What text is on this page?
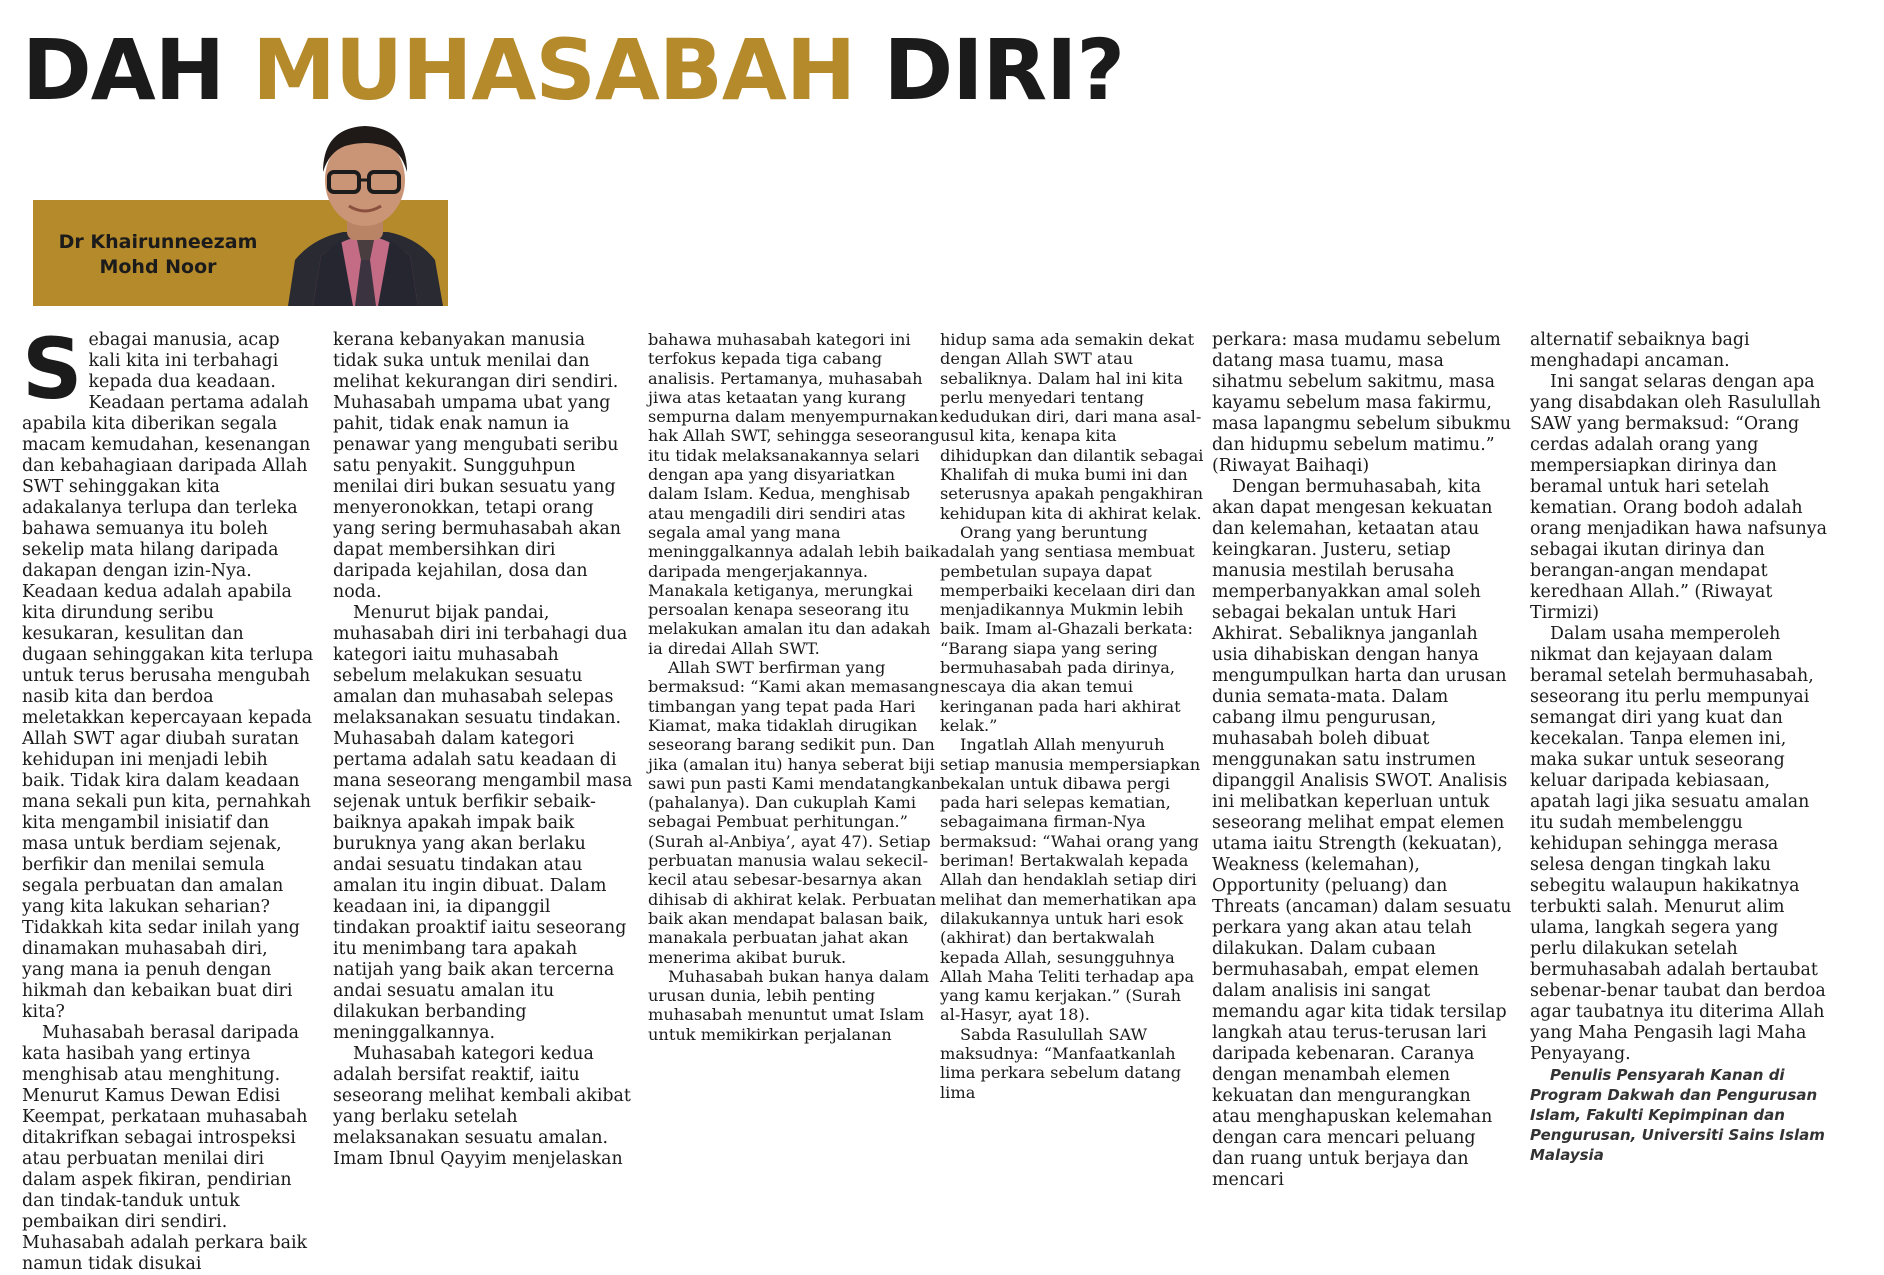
DAH MUHASABAH DIRI?
Dr Khairunneezam
Mohd Noor

Sebagai manusia, acap kali kita ini terbahagi kepada dua keadaan. Keadaan pertama adalah apabila kita diberikan segala macam kemudahan, kesenangan dan kebahagiaan daripada Allah SWT sehinggakan kita adakalanya terlupa dan terleka bahawa semuanya itu boleh sekelip mata hilang daripada dakapan dengan izin-Nya. Keadaan kedua adalah apabila kita dirundung seribu kesukaran, kesulitan dan dugaan sehinggakan kita terlupa untuk terus berusaha mengubah nasib kita dan berdoa meletakkan kepercayaan kepada Allah SWT agar diubah suratan kehidupan ini menjadi lebih baik. Tidak kira dalam keadaan mana sekali pun kita, pernahkah kita mengambil inisiatif dan masa untuk berdiam sejenak, berfikir dan menilai semula segala perbuatan dan amalan yang kita lakukan seharian? Tidakkah kita sedar inilah yang dinamakan muhasabah diri, yang mana ia penuh dengan hikmah dan kebaikan buat diri kita?

Muhasabah berasal daripada kata hasibah yang ertinya menghisab atau menghitung. Menurut Kamus Dewan Edisi Keempat, perkataan muhasabah ditakrifkan sebagai introspeksi atau perbuatan menilai diri dalam aspek fikiran, pendirian dan tindak-tanduk untuk pembaikan diri sendiri. Muhasabah adalah perkara baik namun tidak disukai

kerana kebanyakan manusia tidak suka untuk menilai dan melihat kekurangan diri sendiri. Muhasabah umpama ubat yang pahit, tidak enak namun ia penawar yang mengubati seribu satu penyakit. Sungguhpun menilai diri bukan sesuatu yang menyeronokkan, tetapi orang yang sering bermuhasabah akan dapat membersihkan diri daripada kejahilan, dosa dan noda.

Menurut bijak pandai, muhasabah diri ini terbahagi dua kategori iaitu muhasabah sebelum melakukan sesuatu amalan dan muhasabah selepas melaksanakan sesuatu tindakan. Muhasabah dalam kategori pertama adalah satu keadaan di mana seseorang mengambil masa sejenak untuk berfikir sebaik-baiknya apakah impak baik buruknya yang akan berlaku andai sesuatu tindakan atau amalan itu ingin dibuat. Dalam keadaan ini, ia dipanggil tindakan proaktif iaitu seseorang itu menimbang tara apakah natijah yang baik akan tercerna andai sesuatu amalan itu dilakukan berbanding meninggalkannya.

Muhasabah kategori kedua adalah bersifat reaktif, iaitu seseorang melihat kembali akibat yang berlaku setelah melaksanakan sesuatu amalan. Imam Ibnul Qayyim menjelaskan

bahawa muhasabah kategori ini terfokus kepada tiga cabang analisis. Pertamanya, muhasabah jiwa atas ketaatan yang kurang sempurna dalam menyempurnakan hak Allah SWT, sehingga seseorang itu tidak melaksanakannya selari dengan apa yang disyariatkan dalam Islam. Kedua, menghisab atau mengadili diri sendiri atas segala amal yang mana meninggalkannya adalah lebih baik daripada mengerjakannya. Manakala ketiganya, merungkai persoalan kenapa seseorang itu melakukan amalan itu dan adakah ia diredai Allah SWT.

Allah SWT berfirman yang bermaksud: “Kami akan memasang timbangan yang tepat pada Hari Kiamat, maka tidaklah dirugikan seseorang barang sedikit pun. Dan jika (amalan itu) hanya seberat biji sawi pun pasti Kami mendatangkan (pahalanya). Dan cukuplah Kami sebagai Pembuat perhitungan.” (Surah al-Anbiya’, ayat 47). Setiap perbuatan manusia walau sekecil-kecil atau sebesar-besarnya akan dihisab di akhirat kelak. Perbuatan baik akan mendapat balasan baik, manakala perbuatan jahat akan menerima akibat buruk.

Muhasabah bukan hanya dalam urusan dunia, lebih penting muhasabah menuntut umat Islam untuk memikirkan perjalanan

hidup sama ada semakin dekat dengan Allah SWT atau sebaliknya. Dalam hal ini kita perlu menyedari tentang kedudukan diri, dari mana asal-usul kita, kenapa kita dihidupkan dan dilantik sebagai Khalifah di muka bumi ini dan seterusnya apakah pengakhiran kehidupan kita di akhirat kelak.

Orang yang beruntung adalah yang sentiasa membuat pembetulan supaya dapat memperbaiki kecelaan diri dan menjadikannya Mukmin lebih baik. Imam al-Ghazali berkata: “Barang siapa yang sering bermuhasabah pada dirinya, nescaya dia akan temui keringanan pada hari akhirat kelak.”

Ingatlah Allah menyuruh setiap manusia mempersiapkan bekalan untuk dibawa pergi pada hari selepas kematian, sebagaimana firman-Nya bermaksud: “Wahai orang yang beriman! Bertakwalah kepada Allah dan hendaklah setiap diri melihat dan memerhatikan apa dilakukannya untuk hari esok (akhirat) dan bertakwalah kepada Allah, sesungguhnya Allah Maha Teliti terhadap apa yang kamu kerjakan.” (Surah al-Hasyr, ayat 18).

Sabda Rasulullah SAW maksudnya: “Manfaatkanlah lima perkara sebelum datang lima

perkara: masa mudamu sebelum datang masa tuamu, masa sihatmu sebelum sakitmu, masa kayamu sebelum masa fakirmu, masa lapangmu sebelum sibukmu dan hidupmu sebelum matimu.” (Riwayat Baihaqi)

Dengan bermuhasabah, kita akan dapat mengesan kekuatan dan kelemahan, ketaatan atau keingkaran. Justeru, setiap manusia mestilah berusaha memperbanyakkan amal soleh sebagai bekalan untuk Hari Akhirat. Sebaliknya janganlah usia dihabiskan dengan hanya mengumpulkan harta dan urusan dunia semata-mata. Dalam cabang ilmu pengurusan, muhasabah boleh dibuat menggunakan satu instrumen dipanggil Analisis SWOT. Analisis ini melibatkan keperluan untuk seseorang melihat empat elemen utama iaitu Strength (kekuatan), Weakness (kelemahan), Opportunity (peluang) dan Threats (ancaman) dalam sesuatu perkara yang akan atau telah dilakukan. Dalam cubaan bermuhasabah, empat elemen dalam analisis ini sangat memandu agar kita tidak tersilap langkah atau terus-terusan lari daripada kebenaran. Caranya dengan menambah elemen kekuatan dan mengurangkan atau menghapuskan kelemahan dengan cara mencari peluang dan ruang untuk berjaya dan mencari

alternatif sebaiknya bagi menghadapi ancaman.

Ini sangat selaras dengan apa yang disabdakan oleh Rasulullah SAW yang bermaksud: “Orang cerdas adalah orang yang mempersiapkan dirinya dan beramal untuk hari setelah kematian. Orang bodoh adalah orang menjadikan hawa nafsunya sebagai ikutan dirinya dan berangan-angan mendapat keredhaan Allah.” (Riwayat Tirmizi)

Dalam usaha memperoleh nikmat dan kejayaan dalam beramal setelah bermuhasabah, seseorang itu perlu mempunyai semangat diri yang kuat dan kecekalan. Tanpa elemen ini, maka sukar untuk seseorang keluar daripada kebiasaan, apatah lagi jika sesuatu amalan itu sudah membelenggu kehidupan sehingga merasa selesa dengan tingkah laku sebegitu walaupun hakikatnya terbukti salah. Menurut alim ulama, langkah segera yang perlu dilakukan setelah bermuhasabah adalah bertaubat sebenar-benar taubat dan berdoa agar taubatnya itu diterima Allah yang Maha Pengasih lagi Maha Penyayang.

Penulis Pensyarah Kanan di Program Dakwah dan Pengurusan Islam, Fakulti Kepimpinan dan Pengurusan, Universiti Sains Islam Malaysia
